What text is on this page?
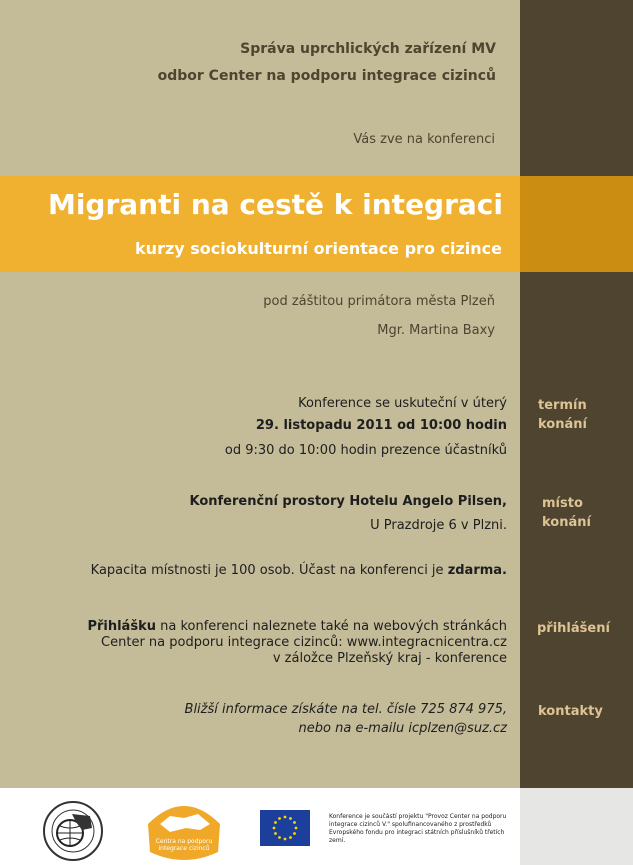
Správa uprchlických zařízení MV
odbor Center na podporu integrace cizinců
Vás zve na konferenci
Migranti na cestě k integraci
kurzy sociokulturní orientace pro cizince
pod záštitou primátora města Plzeň
Mgr. Martina Baxy
Konference se uskuteční v úterý
29. listopadu 2011 od 10:00 hodin
od 9:30 do 10:00 hodin prezence účastníků
Konferenční prostory Hotelu Angelo Pilsen,
U Prazdroje 6 v Plzni.
Kapacita místnosti je 100 osob. Účast na konferenci je zdarma.
Přihlášku na konferenci naleznete také na webových stránkách
Center na podporu integrace cizinců: www.integracnicentra.cz
v záložce Plzeňský kraj - konference
Bližší informace získáte na tel. čísle 725 874 975,
nebo na e-mailu icplzen@suz.cz
termín
konání
místo
konání
přihlášení
kontakty
Centra na podporu integrace cizinců
Konference je součástí projektu "Provoz Center na podporu integrace cizinců V." spolufinancovaného z prostředků Evropského fondu pro integraci státních příslušníků třetích zemí.
